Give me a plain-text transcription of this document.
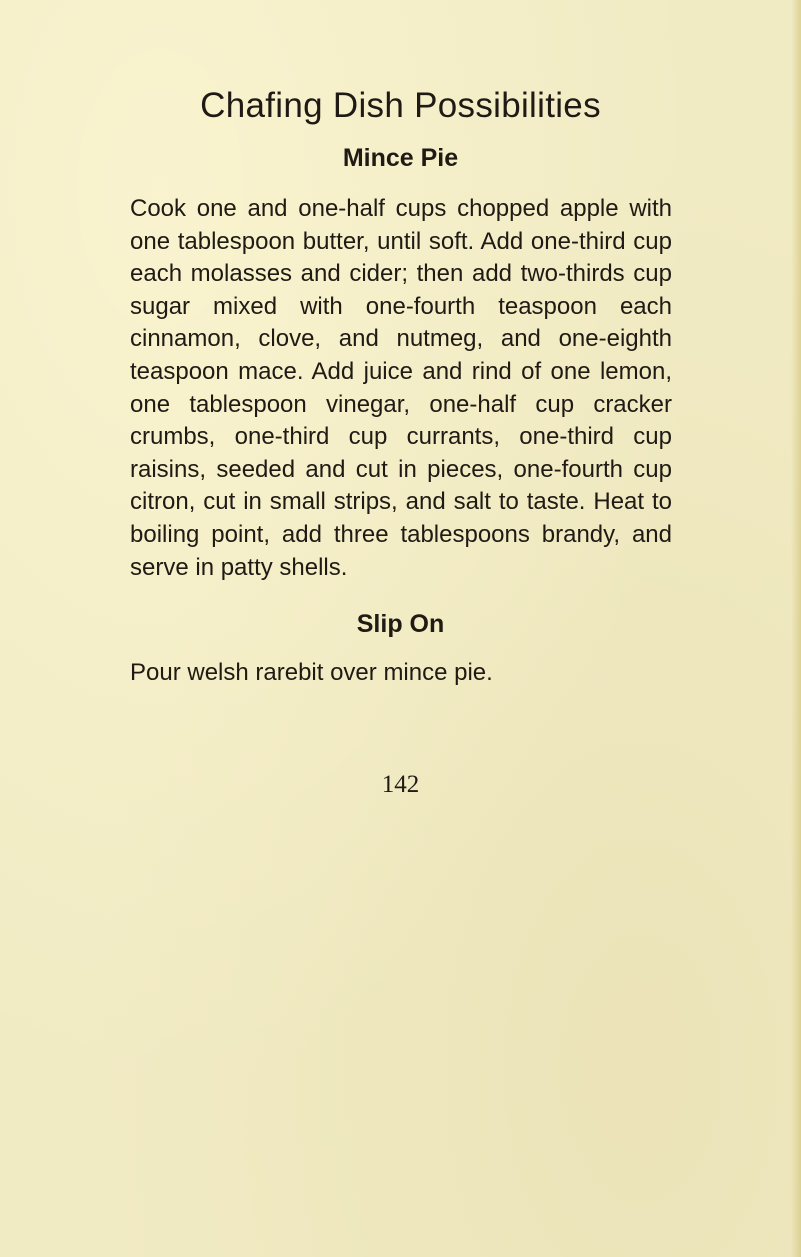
Chafing Dish Possibilities
Mince Pie
Cook one and one-half cups chopped apple with one tablespoon butter, until soft. Add one-third cup each molasses and cider; then add two-thirds cup sugar mixed with one-fourth teaspoon each cinnamon, clove, and nutmeg, and one-eighth teaspoon mace. Add juice and rind of one lemon, one tablespoon vinegar, one-half cup cracker crumbs, one-third cup currants, one-third cup raisins, seeded and cut in pieces, one-fourth cup citron, cut in small strips, and salt to taste. Heat to boiling point, add three tablespoons brandy, and serve in patty shells.
Slip On
Pour welsh rarebit over mince pie.
142
